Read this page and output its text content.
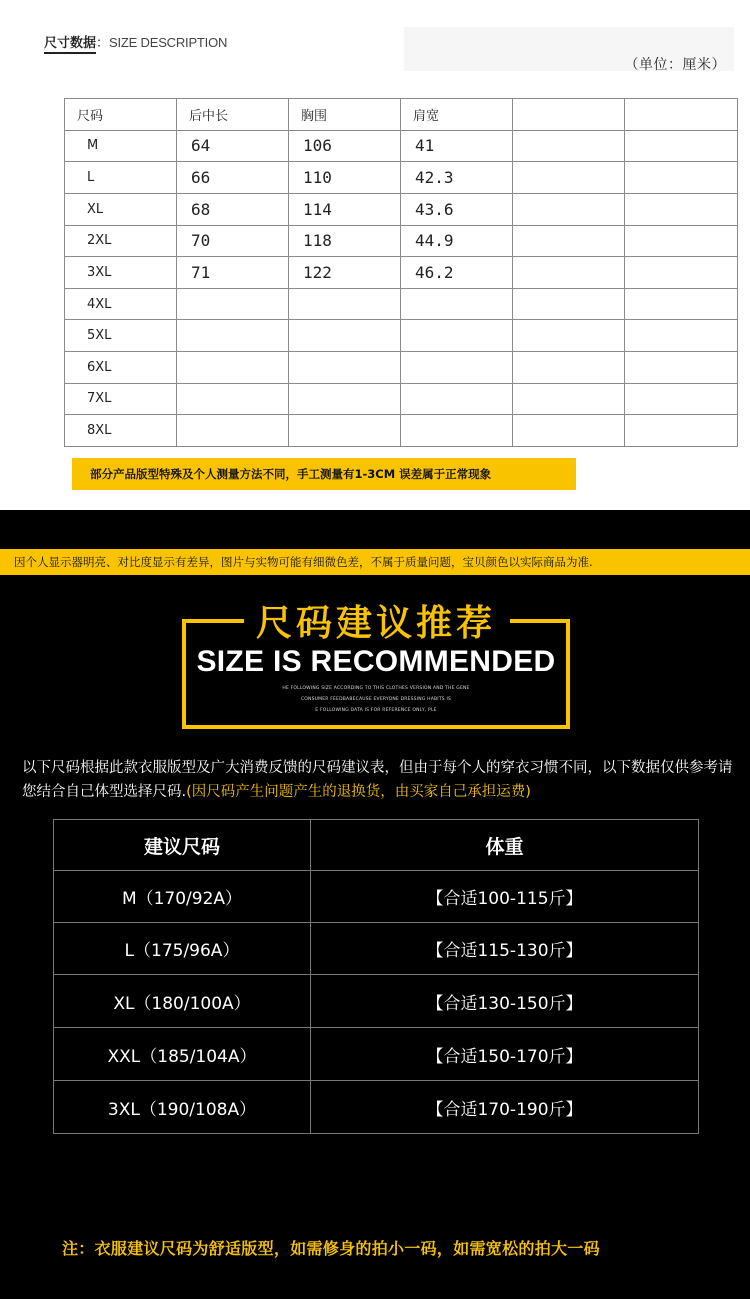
尺寸数据：SIZE DESCRIPTION
（单位：厘米）
尺码	后中长	胸围	肩宽		
M	64	106	41		
L	66	110	42.3		
XL	68	114	43.6		
2XL	70	118	44.9		
3XL	71	122	46.2		
4XL					
5XL					
6XL					
7XL					
8XL					
部分产品版型特殊及个人测量方法不同，手工测量有1-3CM 误差属于正常现象
因个人显示器明亮、对比度显示有差异，图片与实物可能有细微色差，不属于质量问题，宝贝颜色以实际商品为准.
尺码建议推荐
SIZE IS RECOMMENDED
HE FOLLOWING SIZE ACCORDING TO THIS CLOTHES VERSION AND THE GENE
CONSUMER FEEDBABECAUSE EVERYONE DRESSING HABITS IS
E FOLLOWING DATA IS FOR REFERENCE ONLY, PLE
以下尺码根据此款衣服版型及广大消费反馈的尺码建议表，但由于每个人的穿衣习惯不同，以下数据仅供参考请您结合自己体型选择尺码.(因尺码产生问题产生的退换货，由买家自己承担运费)
建议尺码	体重
M（170/92A）	【合适100-115斤】
L（175/96A）	【合适115-130斤】
XL（180/100A）	【合适130-150斤】
XXL（185/104A）	【合适150-170斤】
3XL（190/108A）	【合适170-190斤】
注：衣服建议尺码为舒适版型，如需修身的拍小一码，如需宽松的拍大一码
